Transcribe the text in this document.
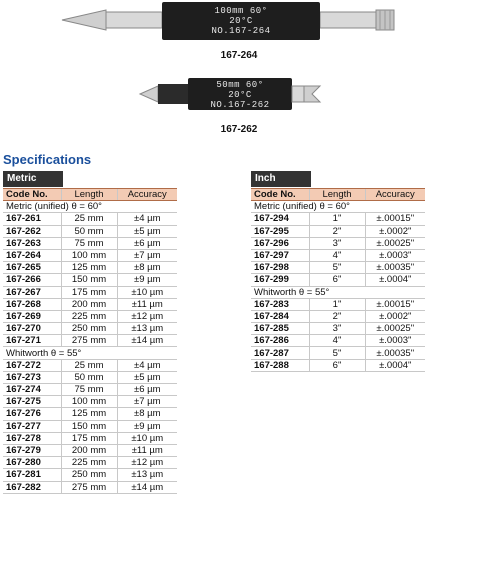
100mm 60°
20°C
NO.167-264
167-264
50mm 60°
20°C
NO.167-262
167-262
Specifications
Metric
Code No.	Length	Accuracy
Metric (unified) θ = 60°		
167-261	25 mm	±4 µm
167-262	50 mm	±5 µm
167-263	75 mm	±6 µm
167-264	100 mm	±7 µm
167-265	125 mm	±8 µm
167-266	150 mm	±9 µm
167-267	175 mm	±10 µm
167-268	200 mm	±11 µm
167-269	225 mm	±12 µm
167-270	250 mm	±13 µm
167-271	275 mm	±14 µm
Whitworth θ = 55°		
167-272	25 mm	±4 µm
167-273	50 mm	±5 µm
167-274	75 mm	±6 µm
167-275	100 mm	±7 µm
167-276	125 mm	±8 µm
167-277	150 mm	±9 µm
167-278	175 mm	±10 µm
167-279	200 mm	±11 µm
167-280	225 mm	±12 µm
167-281	250 mm	±13 µm
167-282	275 mm	±14 µm
Inch
Code No.	Length	Accuracy
Metric (unified) θ = 60°		
167-294	1"	±.00015"
167-295	2"	±.0002"
167-296	3"	±.00025"
167-297	4"	±.0003"
167-298	5"	±.00035"
167-299	6"	±.0004"
Whitworth θ = 55°		
167-283	1"	±.00015"
167-284	2"	±.0002"
167-285	3"	±.00025"
167-286	4"	±.0003"
167-287	5"	±.00035"
167-288	6"	±.0004"
